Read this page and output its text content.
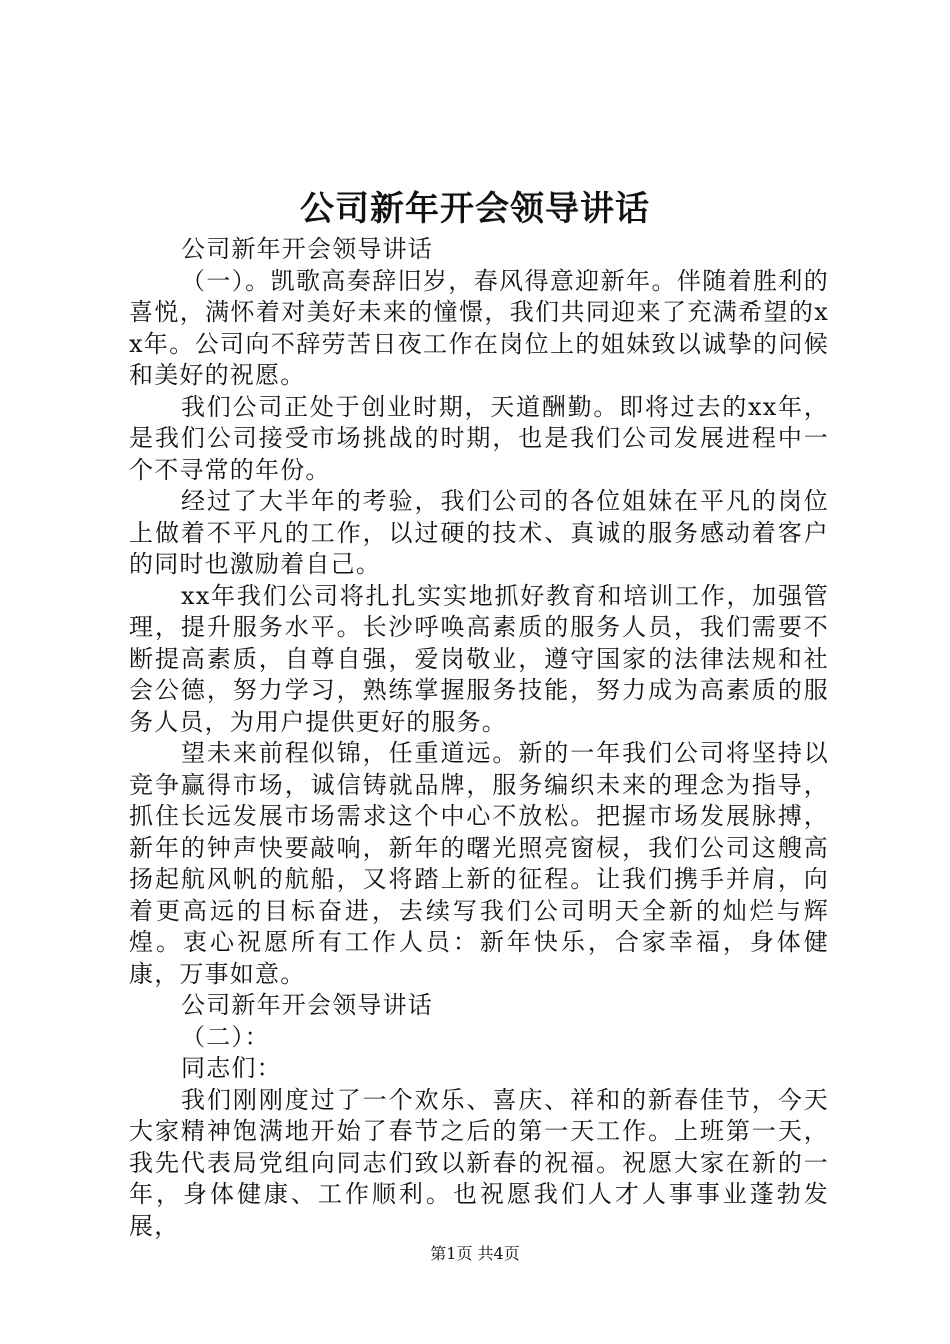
公司新年开会领导讲话

公司新年开会领导讲话

（一）。凯歌高奏辞旧岁，春风得意迎新年。伴随着胜利的喜悦，满怀着对美好未来的憧憬，我们共同迎来了充满希望的xx年。公司向不辞劳苦日夜工作在岗位上的姐妹致以诚挚的问候和美好的祝愿。

我们公司正处于创业时期，天道酬勤。即将过去的xx年，是我们公司接受市场挑战的时期，也是我们公司发展进程中一个不寻常的年份。

经过了大半年的考验，我们公司的各位姐妹在平凡的岗位上做着不平凡的工作，以过硬的技术、真诚的服务感动着客户的同时也激励着自己。

xx年我们公司将扎扎实实地抓好教育和培训工作，加强管理，提升服务水平。长沙呼唤高素质的服务人员，我们需要不断提高素质，自尊自强，爱岗敬业，遵守国家的法律法规和社会公德，努力学习，熟练掌握服务技能，努力成为高素质的服务人员，为用户提供更好的服务。

望未来前程似锦，任重道远。新的一年我们公司将坚持以竞争赢得市场，诚信铸就品牌，服务编织未来的理念为指导，抓住长远发展市场需求这个中心不放松。把握市场发展脉搏，新年的钟声快要敲响，新年的曙光照亮窗棂，我们公司这艘高扬起航风帆的航船，又将踏上新的征程。让我们携手并肩，向着更高远的目标奋进，去续写我们公司明天全新的灿烂与辉煌。衷心祝愿所有工作人员：新年快乐，合家幸福，身体健康，万事如意。

公司新年开会领导讲话

（二）：

同志们：

我们刚刚度过了一个欢乐、喜庆、祥和的新春佳节，今天大家精神饱满地开始了春节之后的第一天工作。上班第一天，我先代表局党组向同志们致以新春的祝福。祝愿大家在新的一年，身体健康、工作顺利。也祝愿我们人才人事事业蓬勃发展，

第1页 共4页
